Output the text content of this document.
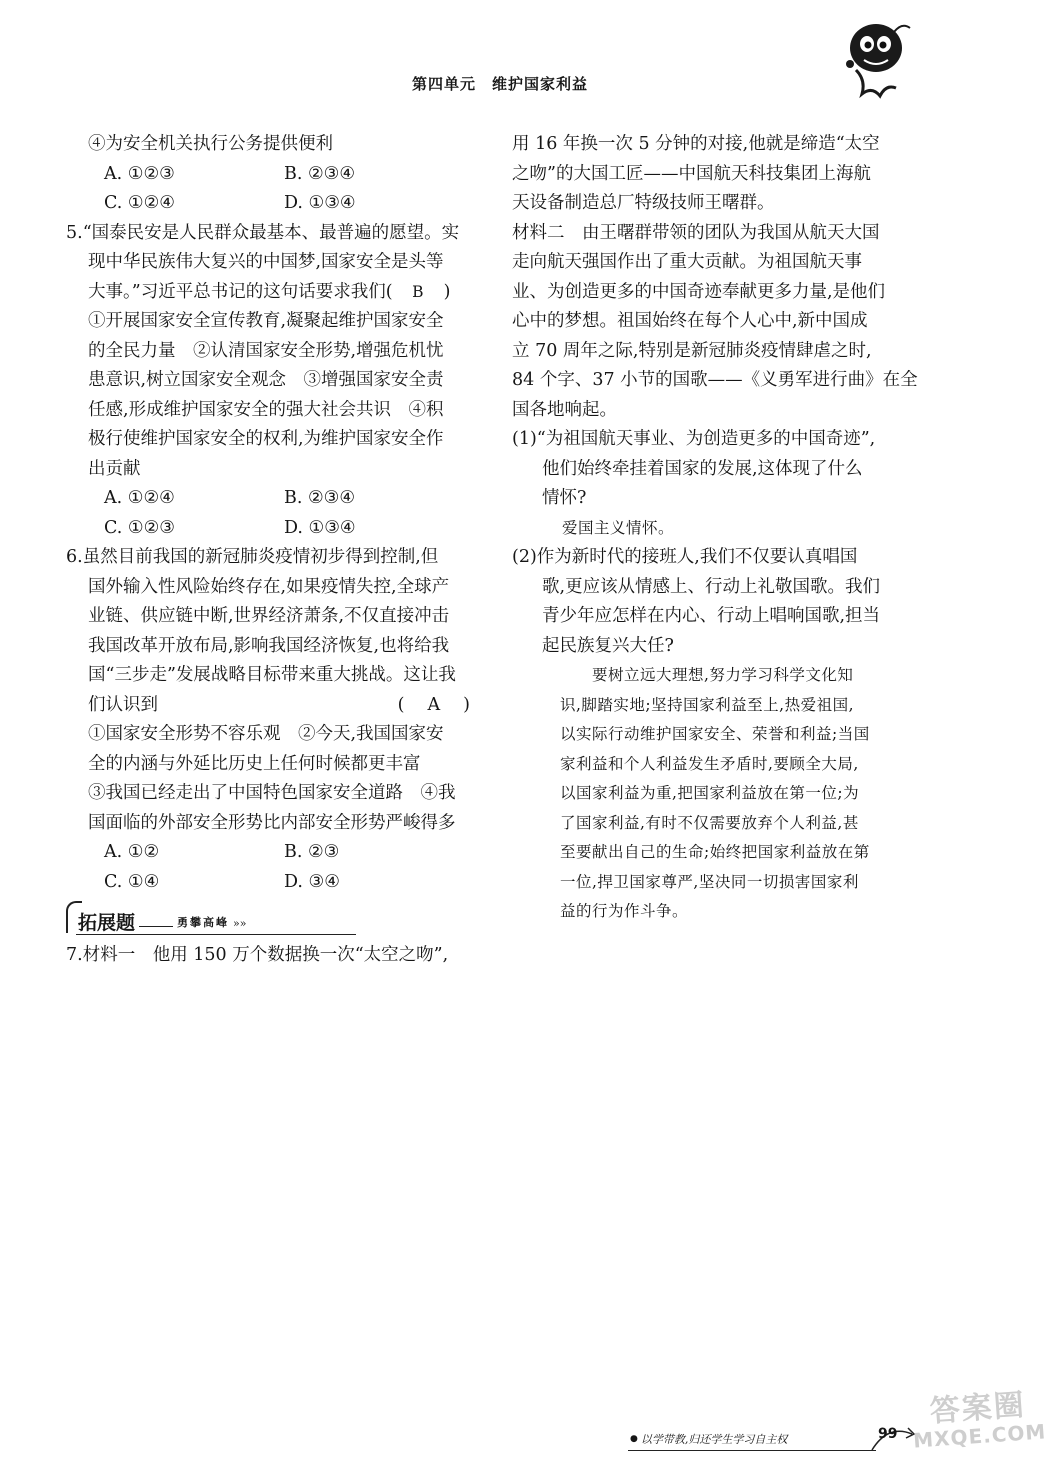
第四单元　维护国家利益
④为安全机关执行公务提供便利
A. ①②③	B. ②③④
C. ①②④	D. ①③④
5.“国泰民安是人民群众最基本、最普遍的愿望。实
现中华民族伟大复兴的中国梦,国家安全是头等
大事。”习近平总书记的这句话要求我们( B )
①开展国家安全宣传教育,凝聚起维护国家安全
的全民力量　②认清国家安全形势,增强危机忧
患意识,树立国家安全观念　③增强国家安全责
任感,形成维护国家安全的强大社会共识　④积
极行使维护国家安全的权利,为维护国家安全作
出贡献
A. ①②④	B. ②③④
C. ①②③	D. ①③④
6.虽然目前我国的新冠肺炎疫情初步得到控制,但
国外输入性风险始终存在,如果疫情失控,全球产
业链、供应链中断,世界经济萧条,不仅直接冲击
我国改革开放布局,影响我国经济恢复,也将给我
国“三步走”发展战略目标带来重大挑战。这让我
们认识到	( 　A　 )
①国家安全形势不容乐观　②今天,我国国家安
全的内涵与外延比历史上任何时候都更丰富
③我国已经走出了中国特色国家安全道路　④我
国面临的外部安全形势比内部安全形势严峻得多
A. ①②	B. ②③
C. ①④	D. ③④
拓展题	勇攀高峰 »»
7.材料一　他用 150 万个数据换一次“太空之吻”,
用 16 年换一次 5 分钟的对接,他就是缔造“太空
之吻”的大国工匠——中国航天科技集团上海航
天设备制造总厂特级技师王曙群。
材料二　由王曙群带领的团队为我国从航天大国
走向航天强国作出了重大贡献。为祖国航天事
业、为创造更多的中国奇迹奉献更多力量,是他们
心中的梦想。祖国始终在每个人心中,新中国成
立 70 周年之际,特别是新冠肺炎疫情肆虐之时,
84 个字、37 小节的国歌——《义勇军进行曲》在全
国各地响起。
(1)“为祖国航天事业、为创造更多的中国奇迹”,
他们始终牵挂着国家的发展,这体现了什么
情怀?
爱国主义情怀。
(2)作为新时代的接班人,我们不仅要认真唱国
歌,更应该从情感上、行动上礼敬国歌。我们
青少年应怎样在内心、行动上唱响国歌,担当
起民族复兴大任?
要树立远大理想,努力学习科学文化知
识,脚踏实地;坚持国家利益至上,热爱祖国,
以实际行动维护国家安全、荣誉和利益;当国
家利益和个人利益发生矛盾时,要顾全大局,
以国家利益为重,把国家利益放在第一位;为
了国家利益,有时不仅需要放弃个人利益,甚
至要献出自己的生命;始终把国家利益放在第
一位,捍卫国家尊严,坚决同一切损害国家利
益的行为作斗争。
● 以学带教,归还学生学习自主权	99
答案圈
MXQE.COM
